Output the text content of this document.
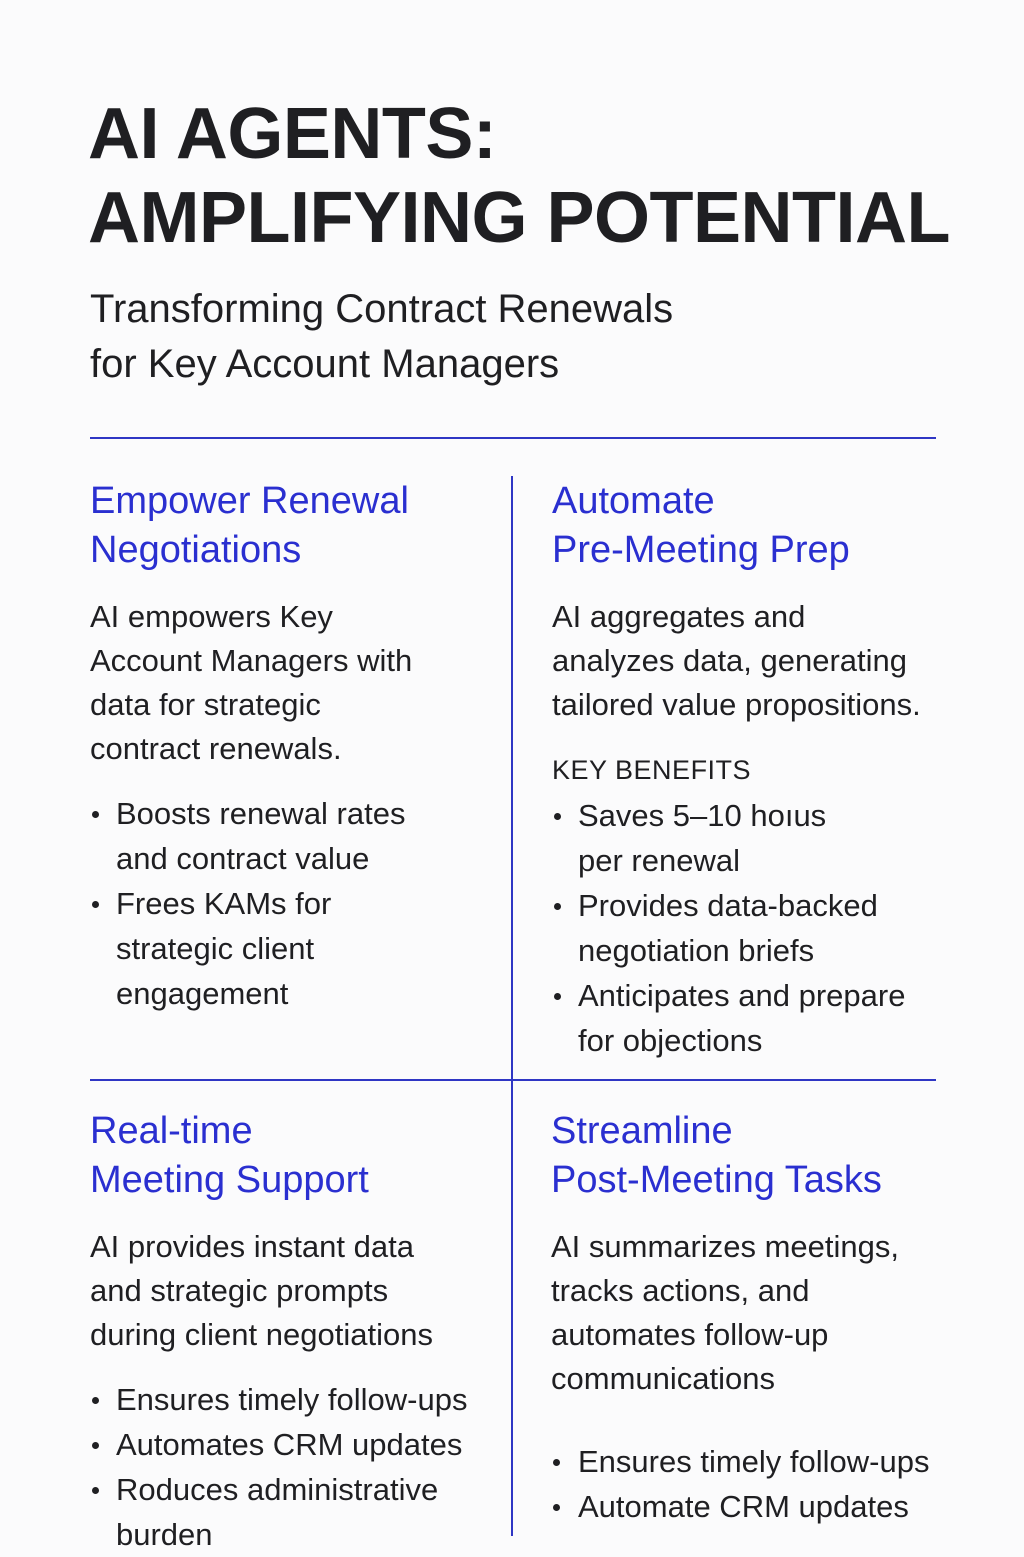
AI AGENTS:
AMPLIFYING POTENTIAL

Transforming Contract Renewals
for Key Account Managers

Empower Renewal
Negotiations

AI empowers Key
Account Managers with
data for strategic
contract renewals.

Boosts renewal rates
and contract value
Frees KAMs for
strategic client
engagement
Automate
Pre-Meeting Prep

AI aggregates and
analyzes data, generating
tailored value propositions.

KEY BENEFITS

Saves 5–10 hoıus
per renewal
Provides data-backed
negotiation briefs
Anticipates and prepare
for objections
Real-time
Meeting Support

AI provides instant data
and strategic prompts
during client negotiations

Ensures timely follow-ups
Automates CRM updates
Roduces administrative
burden
Streamline
Post-Meeting Tasks

AI summarizes meetings,
tracks actions, and
automates follow-up
communications

Ensures timely follow-ups
Automate CRM updates
